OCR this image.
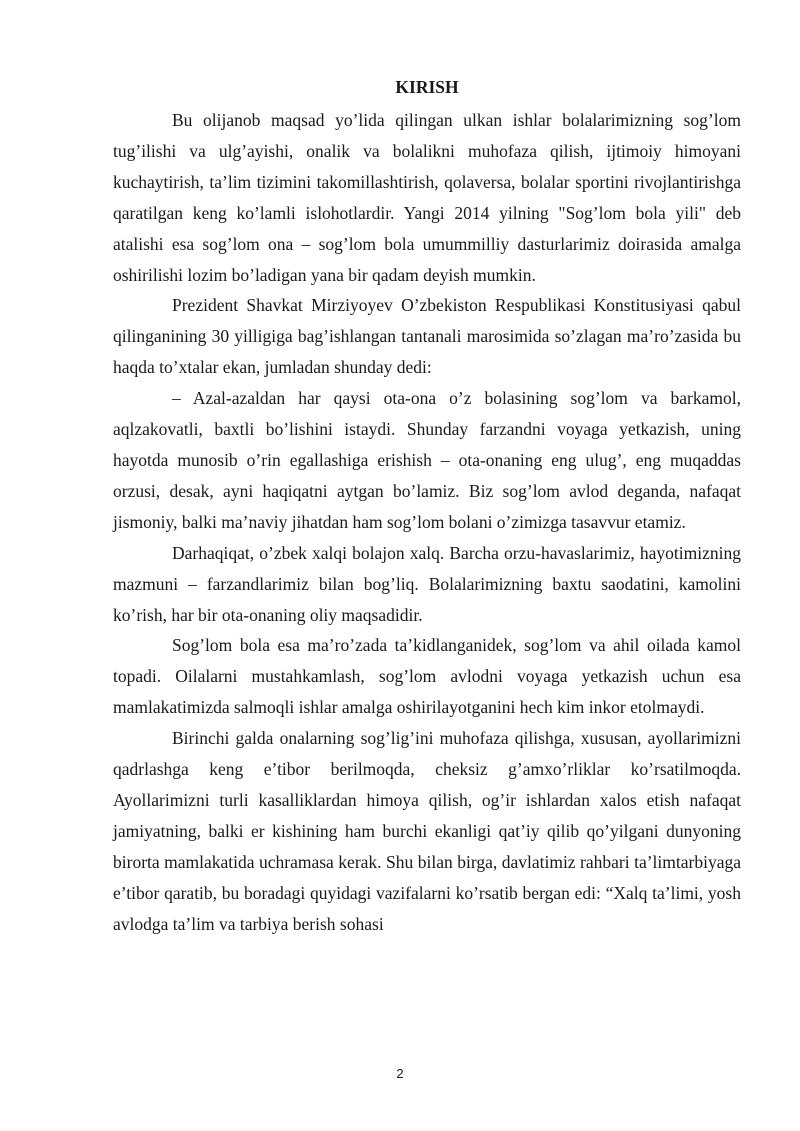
KIRISH

Bu olijanob maqsad yo’lida qilingan ulkan ishlar bolalarimizning sog’lom tug’ilishi va ulg’ayishi, onalik va bolalikni muhofaza qilish, ijtimoiy himoyani kuchaytirish, ta’lim tizimini takomillashtirish, qolaversa, bolalar sportini rivojlantirishga qaratilgan keng ko’lamli islohotlardir. Yangi 2014 yilning "Sog’lom bola yili" deb atalishi esa sog’lom ona – sog’lom bola umummilliy dasturlarimiz doirasida amalga oshirilishi lozim bo’ladigan yana bir qadam deyish mumkin.

Prezident Shavkat Mirziyoyev O’zbekiston Respublikasi Konstitusiyasi qabul qilinganining 30 yilligiga bag’ishlangan tantanali marosimida so’zlagan ma’ro’zasida bu haqda to’xtalar ekan, jumladan shunday dedi:

– Azal-azaldan har qaysi ota-ona o’z bolasining sog’lom va barkamol, aqlzakovatli, baxtli bo’lishini istaydi. Shunday farzandni voyaga yetkazish, uning hayotda munosib o’rin egallashiga erishish – ota-onaning eng ulug’, eng muqaddas orzusi, desak, ayni haqiqatni aytgan bo’lamiz. Biz sog’lom avlod deganda, nafaqat jismoniy, balki ma’naviy jihatdan ham sog’lom bolani o’zimizga tasavvur etamiz.

Darhaqiqat, o’zbek xalqi bolajon xalq. Barcha orzu-havaslarimiz, hayotimizning mazmuni – farzandlarimiz bilan bog’liq. Bolalarimizning baxtu saodatini, kamolini ko’rish, har bir ota-onaning oliy maqsadidir.

Sog’lom bola esa ma’ro’zada ta’kidlanganidek, sog’lom va ahil oilada kamol topadi. Oilalarni mustahkamlash, sog’lom avlodni voyaga yetkazish uchun esa mamlakatimizda salmoqli ishlar amalga oshirilayotganini hech kim inkor etolmaydi.

Birinchi galda onalarning sog’lig’ini muhofaza qilishga, xususan, ayollarimizni qadrlashga keng e’tibor berilmoqda, cheksiz g’amxo’rliklar ko’rsatilmoqda. Ayollarimizni turli kasalliklardan himoya qilish, og’ir ishlardan xalos etish nafaqat jamiyatning, balki er kishining ham burchi ekanligi qat’iy qilib qo’yilgani dunyoning birorta mamlakatida uchramasa kerak. Shu bilan birga, davlatimiz rahbari ta’limtarbiyaga e’tibor qaratib, bu boradagi quyidagi vazifalarni ko’rsatib bergan edi: “Xalq ta’limi, yosh avlodga ta’lim va tarbiya berish sohasi

2
